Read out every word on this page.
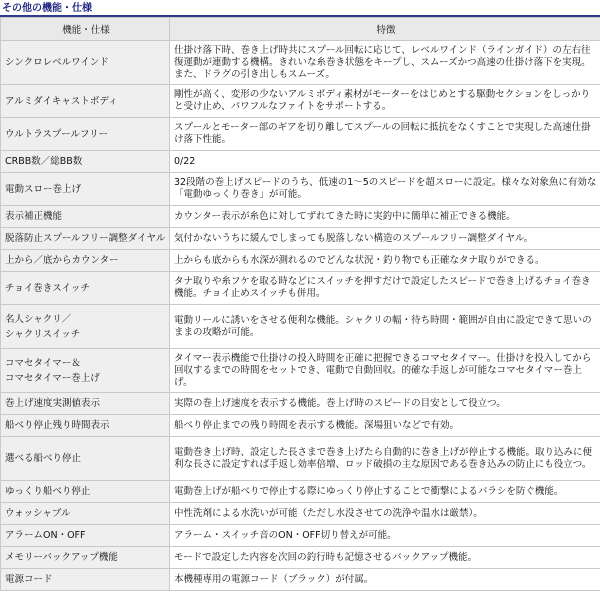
その他の機能・仕様
機能・仕様	特徴
シンクロレベルワインド	仕掛け落下時、巻き上げ時共にスプール回転に応じて、レベルワインド（ラインガイド）の左右往復運動が連動する機構。きれいな糸巻き状態をキープし、スムーズかつ高速の仕掛け落下を実現。また、ドラグの引き出しもスムーズ。
アルミダイキャストボディ	剛性が高く、変形の少ないアルミボディ素材がモーターをはじめとする駆動セクションをしっかりと受け止め、パワフルなファイトをサポートする。
ウルトラスプールフリー	スプールとモーター部のギアを切り離してスプールの回転に抵抗をなくすことで実現した高速仕掛け落下性能。
CRBB数／総BB数	0/22
電動スロー巻上げ	32段階の巻上げスピードのうち、低速の1～5のスピードを超スローに設定。様々な対象魚に有効な「電動ゆっくり巻き」が可能。
表示補正機能	カウンター表示が糸色に対してずれてきた時に実釣中に簡単に補正できる機能。
脱落防止スプールフリー調整ダイヤル	気付かないうちに緩んでしまっても脱落しない構造のスプールフリー調整ダイヤル。
上から／底からカウンター	上からも底からも水深が測れるのでどんな状況・釣り物でも正確なタナ取りができる。
チョイ巻きスイッチ	タナ取りや糸フケを取る時などにスイッチを押すだけで設定したスピードで巻き上げるチョイ巻き機能。チョイ止めスイッチも併用。
名人シャクリ／
シャクリスイッチ	電動リールに誘いをさせる便利な機能。シャクリの幅・待ち時間・範囲が自由に設定できて思いのままの攻略が可能。
コマセタイマー＆
コマセタイマー巻上げ	タイマー表示機能で仕掛けの投入時間を正確に把握できるコマセタイマー。仕掛けを投入してから回収するまでの時間をセットでき、電動で自動回収。的確な手返しが可能なコマセタイマー巻上げ。
巻上げ速度実測値表示	実際の巻上げ速度を表示する機能。巻上げ時のスピードの目安として役立つ。
船べり停止残り時間表示	船べり停止までの残り時間を表示する機能。深場狙いなどで有効。
選べる船べり停止	電動巻き上げ時、設定した長さまで巻き上げたら自動的に巻き上げが停止する機能。取り込みに便利な長さに設定すれば手返し効率倍増、ロッド破損の主な原因である巻き込みの防止にも役立つ。
ゆっくり船べり停止	電動巻上げが船べりで停止する際にゆっくり停止することで衝撃によるバラシを防ぐ機能。
ウォッシャブル	中性洗剤による水洗いが可能（ただし水没させての洗浄や温水は厳禁）。
アラームON・OFF	アラーム・スイッチ音のON・OFF切り替えが可能。
メモリーバックアップ機能	モードで設定した内容を次回の釣行時も記憶させるバックアップ機能。
電源コード	本機種専用の電源コード（ブラック）が付属。
